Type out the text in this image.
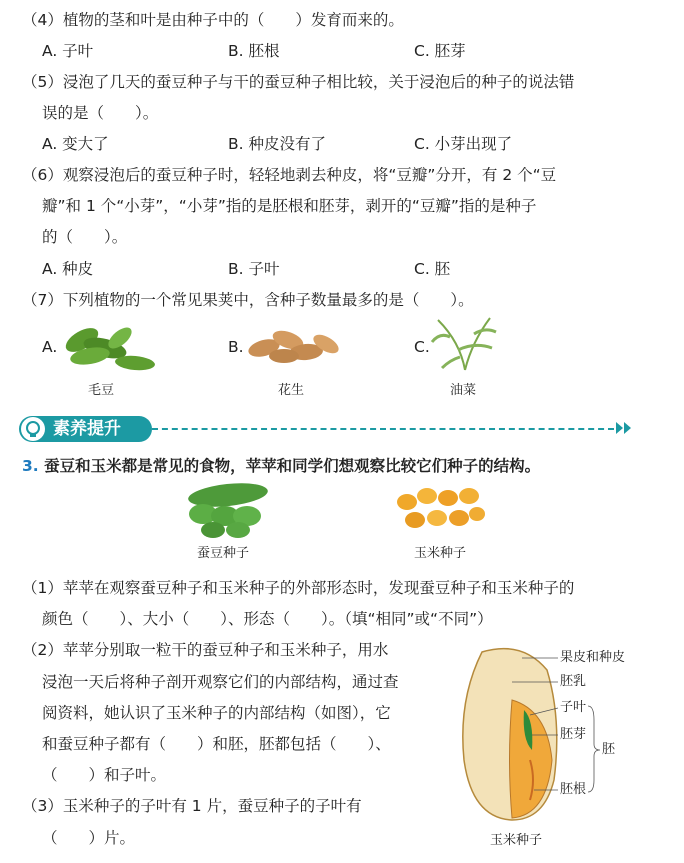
（4）植物的茎和叶是由种子中的（　　）发育而来的。
A. 子叶	B. 胚根	C. 胚芽
（5）浸泡了几天的蚕豆种子与干的蚕豆种子相比较，关于浸泡后的种子的说法错
误的是（　　）。
A. 变大了	B. 种皮没有了	C. 小芽出现了
（6）观察浸泡后的蚕豆种子时，轻轻地剥去种皮，将“豆瓣”分开，有 2 个“豆
瓣”和 1 个“小芽”，“小芽”指的是胚根和胚芽，剥开的“豆瓣”指的是种子
的（　　）。
A. 种皮	B. 子叶	C. 胚
（7）下列植物的一个常见果荚中，含种子数量最多的是（　　）。
A.	B.	C.
毛豆	花生	油菜
素养提升
3. 蚕豆和玉米都是常见的食物，苹苹和同学们想观察比较它们种子的结构。
蚕豆种子	玉米种子
（1）苹苹在观察蚕豆种子和玉米种子的外部形态时，发现蚕豆种子和玉米种子的
颜色（　　）、大小（　　）、形态（　　）。（填“相同”或“不同”）
（2）苹苹分别取一粒干的蚕豆种子和玉米种子，用水
浸泡一天后将种子剖开观察它们的内部结构，通过查
阅资料，她认识了玉米种子的内部结构（如图），它
和蚕豆种子都有（　　）和胚，胚都包括（　　）、
（　　）和子叶。
（3）玉米种子的子叶有 1 片，蚕豆种子的子叶有
（　　）片。
果皮和种皮
胚乳
子叶
胚芽
胚
胚根
玉米种子
